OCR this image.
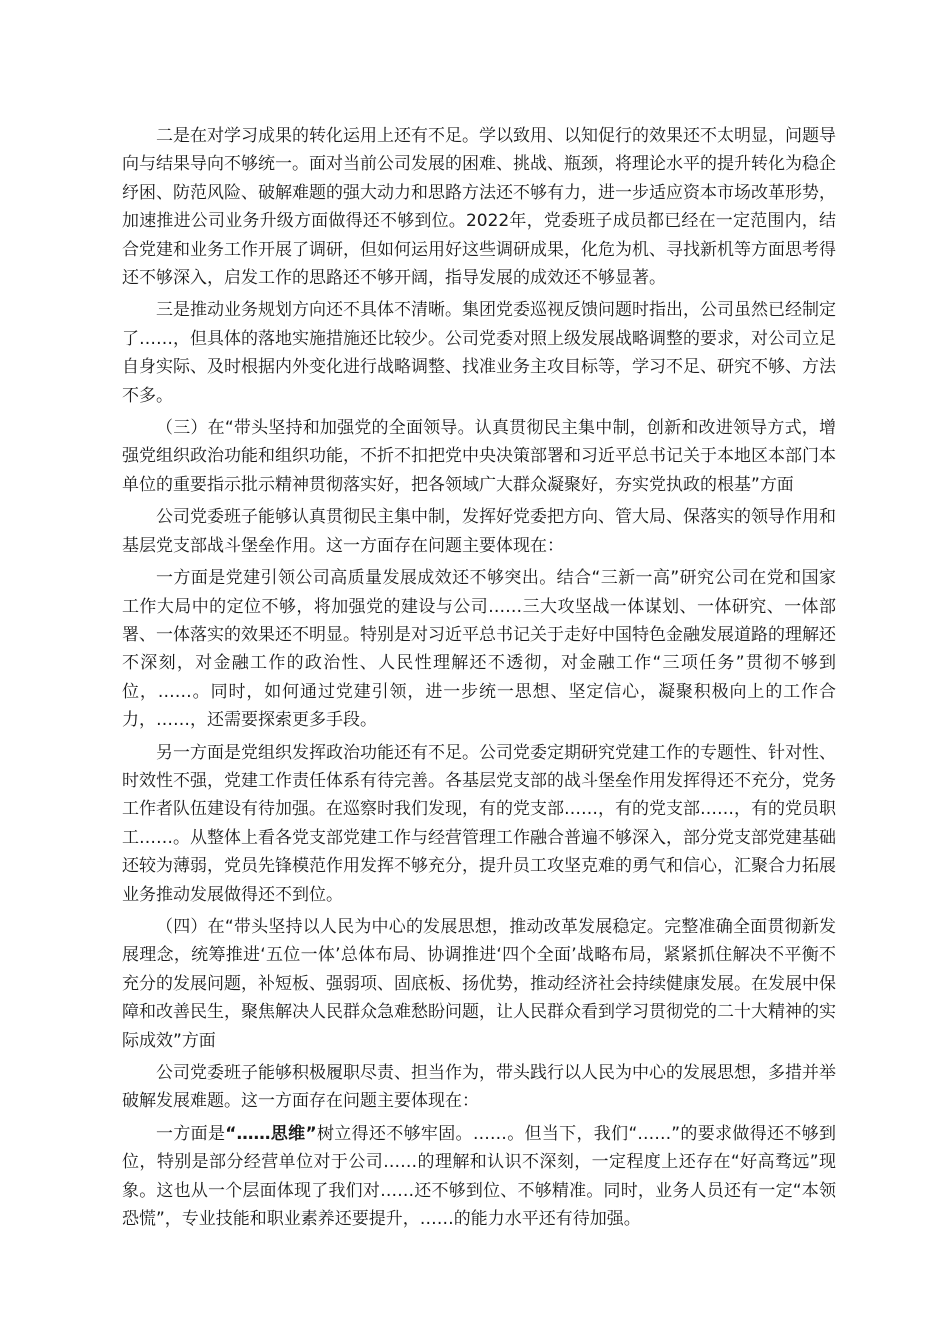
二是在对学习成果的转化运用上还有不足。学以致用、以知促行的效果还不太明显，问题导向与结果导向不够统一。面对当前公司发展的困难、挑战、瓶颈，将理论水平的提升转化为稳企纾困、防范风险、破解难题的强大动力和思路方法还不够有力，进一步适应资本市场改革形势，加速推进公司业务升级方面做得还不够到位。2022年，党委班子成员都已经在一定范围内，结合党建和业务工作开展了调研，但如何运用好这些调研成果，化危为机、寻找新机等方面思考得还不够深入，启发工作的思路还不够开阔，指导发展的成效还不够显著。

三是推动业务规划方向还不具体不清晰。集团党委巡视反馈问题时指出，公司虽然已经制定了……，但具体的落地实施措施还比较少。公司党委对照上级发展战略调整的要求，对公司立足自身实际、及时根据内外变化进行战略调整、找准业务主攻目标等，学习不足、研究不够、方法不多。

（三）在“带头坚持和加强党的全面领导。认真贯彻民主集中制，创新和改进领导方式，增强党组织政治功能和组织功能，不折不扣把党中央决策部署和习近平总书记关于本地区本部门本单位的重要指示批示精神贯彻落实好，把各领域广大群众凝聚好，夯实党执政的根基”方面

公司党委班子能够认真贯彻民主集中制，发挥好党委把方向、管大局、保落实的领导作用和基层党支部战斗堡垒作用。这一方面存在问题主要体现在：

一方面是党建引领公司高质量发展成效还不够突出。结合“三新一高”研究公司在党和国家工作大局中的定位不够，将加强党的建设与公司……三大攻坚战一体谋划、一体研究、一体部署、一体落实的效果还不明显。特别是对习近平总书记关于走好中国特色金融发展道路的理解还不深刻，对金融工作的政治性、人民性理解还不透彻，对金融工作“三项任务”贯彻不够到位，……。同时，如何通过党建引领，进一步统一思想、坚定信心，凝聚积极向上的工作合力，……，还需要探索更多手段。

另一方面是党组织发挥政治功能还有不足。公司党委定期研究党建工作的专题性、针对性、时效性不强，党建工作责任体系有待完善。各基层党支部的战斗堡垒作用发挥得还不充分，党务工作者队伍建设有待加强。在巡察时我们发现，有的党支部……，有的党支部……，有的党员职工……。从整体上看各党支部党建工作与经营管理工作融合普遍不够深入，部分党支部党建基础还较为薄弱，党员先锋模范作用发挥不够充分，提升员工攻坚克难的勇气和信心，汇聚合力拓展业务推动发展做得还不到位。

（四）在“带头坚持以人民为中心的发展思想，推动改革发展稳定。完整准确全面贯彻新发展理念，统筹推进‘五位一体’总体布局、协调推进‘四个全面’战略布局，紧紧抓住解决不平衡不充分的发展问题，补短板、强弱项、固底板、扬优势，推动经济社会持续健康发展。在发展中保障和改善民生，聚焦解决人民群众急难愁盼问题，让人民群众看到学习贯彻党的二十大精神的实际成效”方面

公司党委班子能够积极履职尽责、担当作为，带头践行以人民为中心的发展思想，多措并举破解发展难题。这一方面存在问题主要体现在：

一方面是“……思维”树立得还不够牢固。……。但当下，我们“……”的要求做得还不够到位，特别是部分经营单位对于公司……的理解和认识不深刻，一定程度上还存在“好高骛远”现象。这也从一个层面体现了我们对……还不够到位、不够精准。同时，业务人员还有一定“本领恐慌”，专业技能和职业素养还要提升，……的能力水平还有待加强。
